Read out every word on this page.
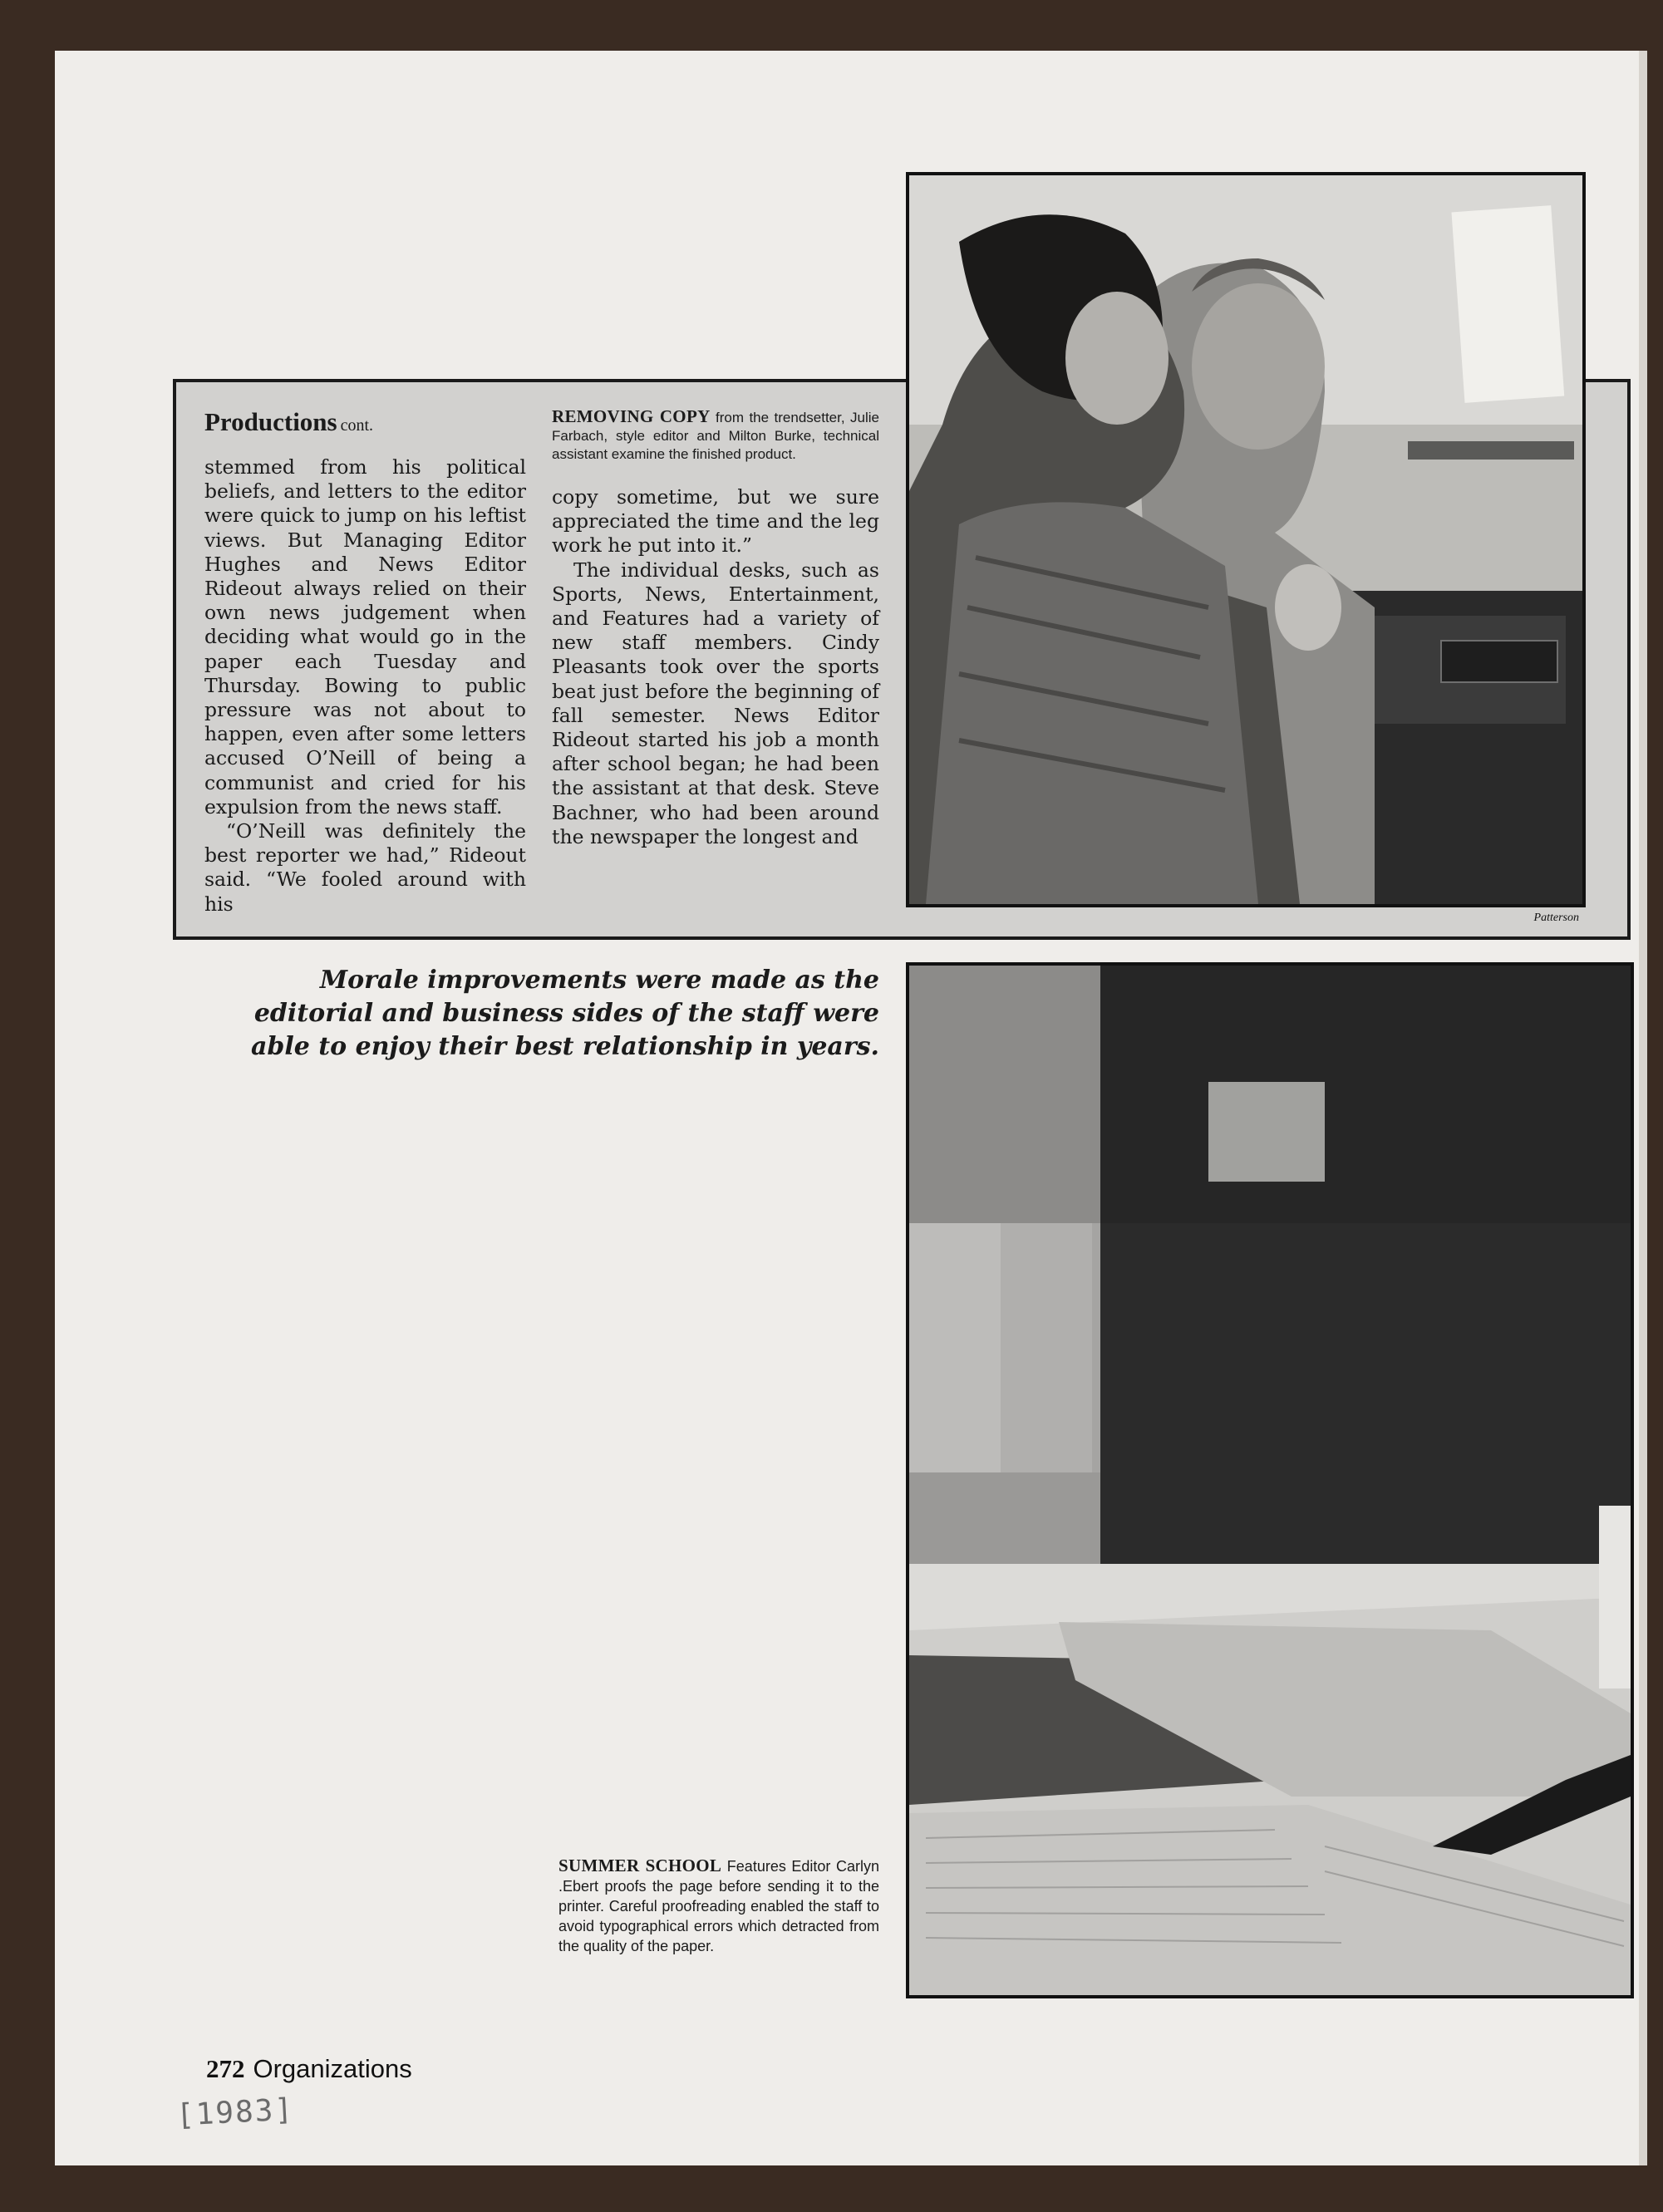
Productions cont.

stemmed from his political beliefs, and letters to the editor were quick to jump on his leftist views. But Managing Editor Hughes and News Editor Rideout always relied on their own news judgement when deciding what would go in the paper each Tuesday and Thursday. Bowing to public pressure was not about to happen, even after some letters accused O’Neill of being a communist and cried for his expulsion from the news staff.

“O’Neill was definitely the best reporter we had,” Rideout said. “We fooled around with his

REMOVING COPY from the trendsetter, Julie Farbach, style editor and Milton Burke, technical assistant examine the finished product.

copy sometime, but we sure appreciated the time and the leg work he put into it.”

The individual desks, such as Sports, News, Entertainment, and Features had a variety of new staff members. Cindy Pleasants took over the sports beat just before the beginning of fall semester. News Editor Rideout started his job a month after school began; he had been the assistant at that desk. Steve Bachner, who had been around the newspaper the longest and

Patterson
Morale improvements were made as the editorial and business sides of the staff were able to enjoy their best relationship in years.
SUMMER SCHOOL Features Editor Carlyn .Ebert proofs the page before sending it to the printer. Careful proofreading enabled the staff to avoid typographical errors which detracted from the quality of the paper.
272 Organizations
[1983]
